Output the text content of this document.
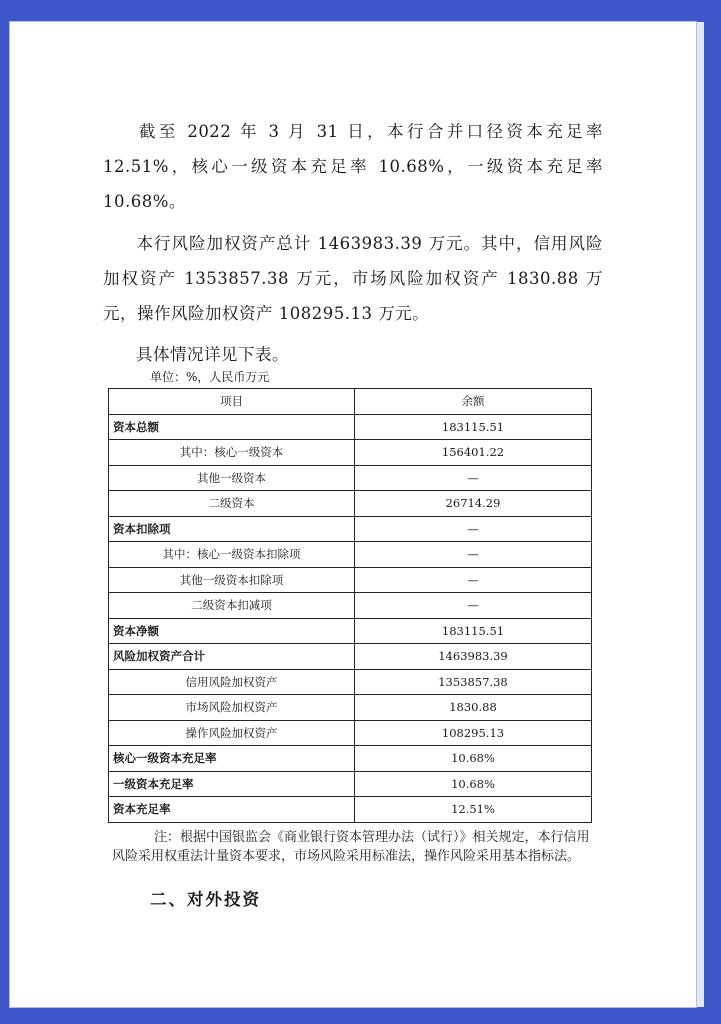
截至 2022 年 3 月 31 日，本行合并口径资本充足率 12.51%，核心一级资本充足率 10.68%，一级资本充足率 10.68%。

本行风险加权资产总计 1463983.39 万元。其中，信用风险加权资产 1353857.38 万元，市场风险加权资产 1830.88 万元，操作风险加权资产 108295.13 万元。

具体情况详见下表。

单位：%，人民币万元
项目	余额
资本总额	183115.51
其中：核心一级资本	156401.22
其他一级资本	—
二级资本	26714.29
资本扣除项	—
其中：核心一级资本扣除项	—
其他一级资本扣除项	—
二级资本扣减项	—
资本净额	183115.51
风险加权资产合计	1463983.39
信用风险加权资产	1353857.38
市场风险加权资产	1830.88
操作风险加权资产	108295.13
核心一级资本充足率	10.68%
一级资本充足率	10.68%
资本充足率	12.51%

注：根据中国银监会《商业银行资本管理办法（试行）》相关规定，本行信用风险采用权重法计量资本要求，市场风险采用标准法，操作风险采用基本指标法。

二、对外投资
